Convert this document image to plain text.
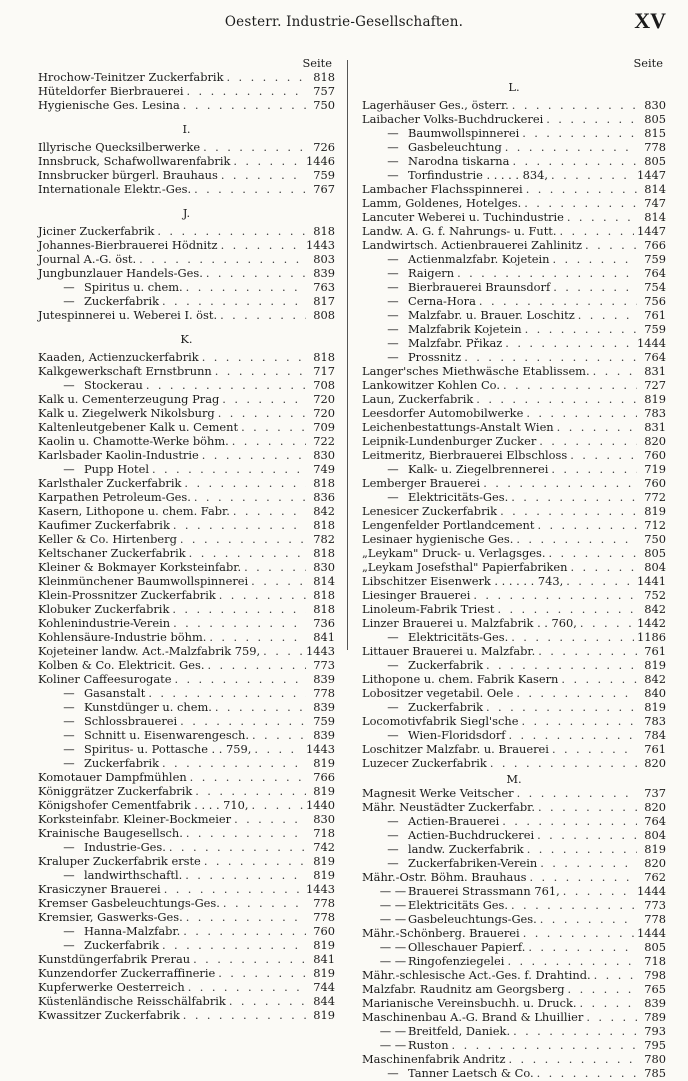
Oesterr. Industrie-Gesellschaften.	XV
Seite
Hrochow-Teinitzer Zuckerfabrik . . .	818
Hüteldorfer Bierbrauerei . . .	757
Hygienische Ges. Lesina . . .	750
I.
Illyrische Quecksilberwerke . . .	726
Innsbruck, Schafwollwarenfabrik . . .	1446
Innsbrucker bürgerl. Brauhaus . . .	759
Internationale Elektr.-Ges. . . .	767
J.
Jiciner Zuckerfabrik . . .	818
Johannes-Bierbrauerei Hödnitz . . .	1443
Journal A.-G. öst. . . .	803
Jungbunzlauer Handels-Ges. . . .	839
— Spiritus u. chem. . . .	763
— Zuckerfabrik . . .	817
Jutespinnerei u. Weberei I. öst. . . .	808
K.
Kaaden, Actienzuckerfabrik . . .	818
Kalkgewerkschaft Ernstbrunn . . .	717
— Stockerau . . .	708
Kalk u. Cementerzeugung Prag . . .	720
Kalk u. Ziegelwerk Nikolsburg . . .	720
Kaltenleutgebener Kalk u. Cement . . .	709
Kaolin u. Chamotte-Werke böhm. . . .	722
Karlsbader Kaolin-Industrie . . .	830
— Pupp Hotel . . .	749
Karlsthaler Zuckerfabrik . . .	818
Karpathen Petroleum-Ges. . . .	836
Kasern, Lithopone u. chem. Fabr. . . .	842
Kaufimer Zuckerfabrik . . .	818
Keller & Co. Hirtenberg . . .	782
Keltschaner Zuckerfabrik . . .	818
Kleiner & Bokmayer Korksteinfabr. . . .	830
Kleinmünchener Baumwollspinnerei . . .	814
Klein-Prossnitzer Zuckerfabrik . . .	818
Klobuker Zuckerfabrik . . .	818
Kohlenindustrie-Verein . . .	736
Kohlensäure-Industrie böhm. . . .	841
Kojeteiner landw. Act.-Malzfabrik 759, . . .	1443
Kolben & Co. Elektricit. Ges. . . .	773
Koliner Caffeesurogate . . .	839
— Gasanstalt . . .	778
— Kunstdünger u. chem. . . .	839
— Schlossbrauerei . . .	759
— Schnitt u. Eisenwarengesch. . . .	839
— Spiritus- u. Pottasche . . 759, . . .	1443
— Zuckerfabrik . . .	819
Komotauer Dampfmühlen . . .	766
Königgrätzer Zuckerfabrik . . .	819
Königshofer Cementfabrik . . . . 710, . . .	1440
Korksteinfabr. Kleiner-Bockmeier . . .	830
Krainische Baugesellsch. . . .	718
— Industrie-Ges. . . .	742
Kraluper Zuckerfabrik erste . . .	819
— landwirthschaftl. . . .	819
Krasiczyner Brauerei . . .	1443
Kremser Gasbeleuchtungs-Ges. . . .	778
Kremsier, Gaswerks-Ges. . . .	778
— Hanna-Malzfabr. . . .	760
— Zuckerfabrik . . .	819
Kunstdüngerfabrik Prerau . . .	841
Kunzendorfer Zuckerraffinerie . . .	819
Kupferwerke Oesterreich . . .	744
Küstenländische Reisschälfabrik . . .	844
Kwassitzer Zuckerfabrik . . .	819
Seite
L.
Lagerhäuser Ges., österr. . . .	830
Laibacher Volks-Buchdruckerei . . .	805
— Baumwollspinnerei . . .	815
— Gasbeleuchtung . . .	778
— Narodna tiskarna . . .	805
— Torfindustrie . . . . . 834, . . .	1447
Lambacher Flachsspinnerei . . .	814
Lamm, Goldenes, Hotelges. . . .	747
Lancuter Weberei u. Tuchindustrie . . .	814
Landw. A. G. f. Nahrungs- u. Futt. . . .	1447
Landwirtsch. Actienbrauerei Zahlinitz . . .	766
— Actienmalzfabr. Kojetein . . .	759
— Raigern . . .	764
— Bierbrauerei Braunsdorf . . .	754
— Cerna-Hora . . .	756
— Malzfabr. u. Brauer. Loschitz . . .	761
— Malzfabrik Kojetein . . .	759
— Malzfabr. Přikaz . . .	1444
— Prossnitz . . .	764
Langer'sches Miethwäsche Etablissem. . . .	831
Lankowitzer Kohlen Co. . . .	727
Laun, Zuckerfabrik . . .	819
Leesdorfer Automobilwerke . . .	783
Leichenbestattungs-Anstalt Wien . . .	831
Leipnik-Lundenburger Zucker . . .	820
Leitmeritz, Bierbrauerei Elbschloss . . .	760
— Kalk- u. Ziegelbrennerei . . .	719
Lemberger Brauerei . . .	760
— Elektricitäts-Ges. . . .	772
Lenesicer Zuckerfabrik . . .	819
Lengenfelder Portlandcement . . .	712
Lesinaer hygienische Ges. . . .	750
„Leykam" Druck- u. Verlagsges. . . .	805
„Leykam Josefsthal" Papierfabriken . . .	804
Libschitzer Eisenwerk . . . . . . 743, . . .	1441
Liesinger Brauerei . . .	752
Linoleum-Fabrik Triest . . .	842
Linzer Brauerei u. Malzfabrik . . 760, . . .	1442
— Elektricitäts-Ges. . . .	1186
Littauer Brauerei u. Malzfabr. . . .	761
— Zuckerfabrik . . .	819
Lithopone u. chem. Fabrik Kasern . . .	842
Lobositzer vegetabil. Oele . . .	840
— Zuckerfabrik . . .	819
Locomotivfabrik Siegl'sche . . .	783
— Wien-Floridsdorf . . .	784
Loschitzer Malzfabr. u. Brauerei . . .	761
Luzecer Zuckerfabrik . . .	820
M.
Magnesit Werke Veitscher . . .	737
Mähr. Neustädter Zuckerfabr. . . .	820
— Actien-Brauerei . . .	764
— Actien-Buchdruckerei . . .	804
— landw. Zuckerfabrik . . .	819
— Zuckerfabriken-Verein . . .	820
Mähr.-Ostr. Böhm. Brauhaus . . .	762
— — Brauerei Strassmann 761, . . .	1444
— — Elektricitäts Ges. . . .	773
— — Gasbeleuchtungs-Ges. . . .	778
Mähr.-Schönberg. Brauerei . . .	1444
— — Olleschauer Papierf. . . .	805
— — Ringofenziegelei . . .	718
Mähr.-schlesische Act.-Ges. f. Drahtind. . . .	798
Malzfabr. Raudnitz am Georgsberg . . .	765
Marianische Vereinsbuchh. u. Druck. . . .	839
Maschinenbau A.-G. Brand & Lhuillier . . .	789
— — Breitfeld, Daniek. . . .	793
— — Ruston . . .	795
Maschinenfabrik Andritz . . .	780
— Tanner Laetsch & Co. . . .	785
